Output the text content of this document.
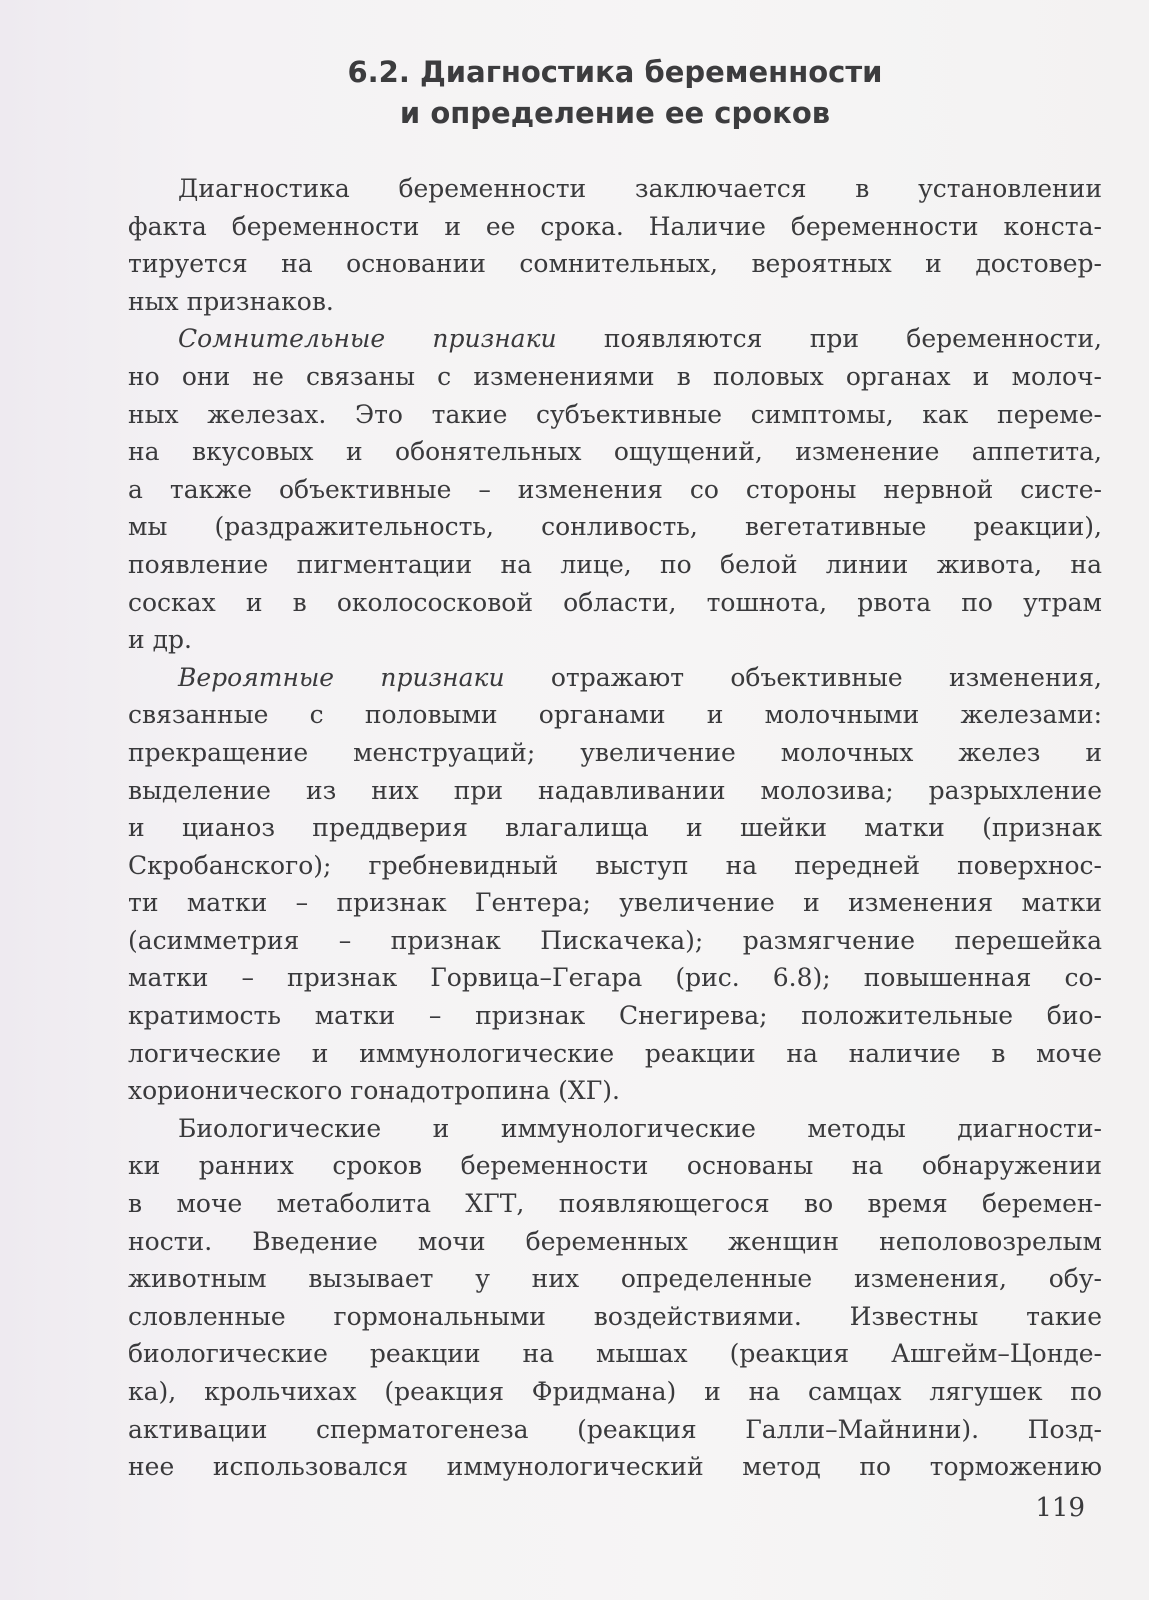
6.2. Диагностика беременности
и определение ее сроков
Диагностика беременности заключается в установлении
факта беременности и ее срока. Наличие беременности конста-
тируется на основании сомнительных, вероятных и достовер-
ных признаков.
Сомнительные признаки появляются при беременности,
но они не связаны с изменениями в половых органах и молоч-
ных железах. Это такие субъективные симптомы, как переме-
на вкусовых и обонятельных ощущений, изменение аппетита,
а также объективные – изменения со стороны нервной систе-
мы (раздражительность, сонливость, вегетативные реакции),
появление пигментации на лице, по белой линии живота, на
сосках и в околососковой области, тошнота, рвота по утрам
и др.
Вероятные признаки отражают объективные изменения,
связанные с половыми органами и молочными железами:
прекращение менструаций; увеличение молочных желез и
выделение из них при надавливании молозива; разрыхление
и цианоз преддверия влагалища и шейки матки (признак
Скробанского); гребневидный выступ на передней поверхнос-
ти матки – признак Гентера; увеличение и изменения матки
(асимметрия – признак Пискачека); размягчение перешейка
матки – признак Горвица–Гегара (рис. 6.8); повышенная со-
кратимость матки – признак Снегирева; положительные био-
логические и иммунологические реакции на наличие в моче
хорионического гонадотропина (ХГ).
Биологические и иммунологические методы диагности-
ки ранних сроков беременности основаны на обнаружении
в моче метаболита ХГТ, появляющегося во время беремен-
ности. Введение мочи беременных женщин неполовозрелым
животным вызывает у них определенные изменения, обу-
словленные гормональными воздействиями. Известны такие
биологические реакции на мышах (реакция Ашгейм–Цонде-
ка), крольчихах (реакция Фридмана) и на самцах лягушек по
активации сперматогенеза (реакция Галли–Майнини). Позд-
нее использовался иммунологический метод по торможению
119
